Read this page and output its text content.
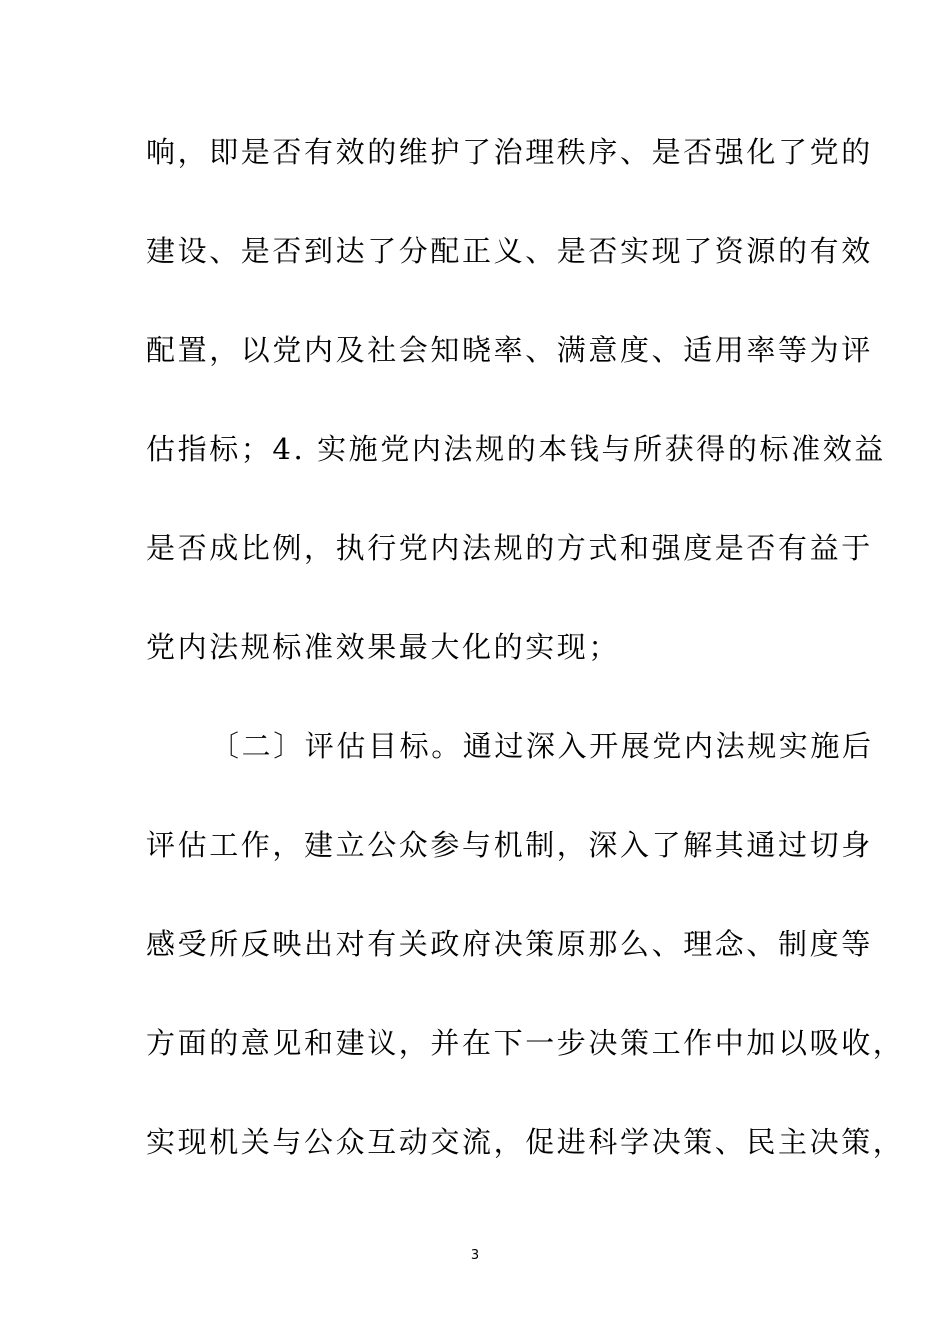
响，即是否有效的维护了治理秩序、是否强化了党的
建设、是否到达了分配正义、是否实现了资源的有效
配置，以党内及社会知晓率、满意度、适用率等为评
估指标；4. 实施党内法规的本钱与所获得的标准效益
是否成比例，执行党内法规的方式和强度是否有益于
党内法规标准效果最大化的实现；
〔二〕评估目标。通过深入开展党内法规实施后
评估工作，建立公众参与机制，深入了解其通过切身
感受所反映出对有关政府决策原那么、理念、制度等
方面的意见和建议，并在下一步决策工作中加以吸收，
实现机关与公众互动交流，促进科学决策、民主决策，
3
